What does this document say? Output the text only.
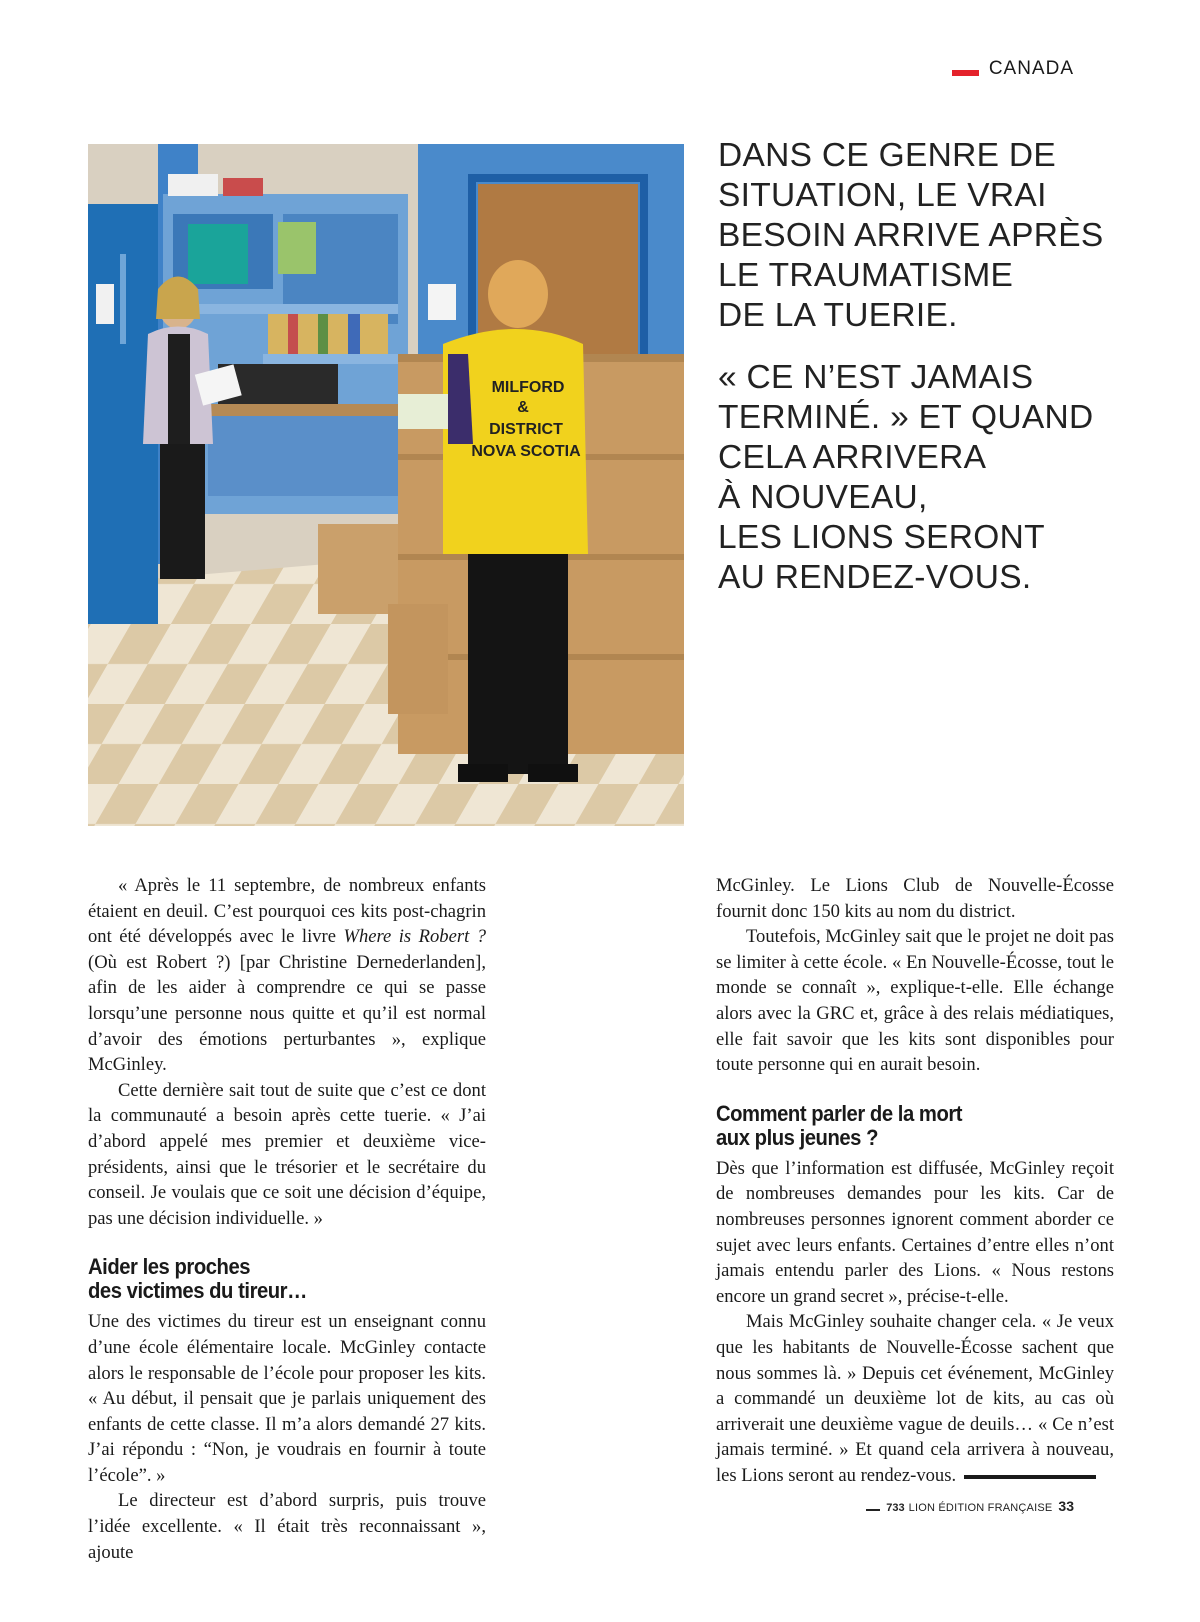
CANADA
MILFORD
&
DISTRICT
NOVA SCOTIA

DANS CE GENRE DE
SITUATION, LE VRAI
BESOIN ARRIVE APRÈS
LE TRAUMATISME
DE LA TUERIE.

« CE N’EST JAMAIS
TERMINÉ. » ET QUAND
CELA ARRIVERA
À NOUVEAU,
LES LIONS SERONT
AU RENDEZ-VOUS.

« Après le 11 septembre, de nombreux enfants étaient en deuil. C’est pourquoi ces kits post-chagrin ont été développés avec le livre Where is Robert ? (Où est Robert ?) [par Christine Dernederlanden], afin de les aider à comprendre ce qui se passe lorsqu’une personne nous quitte et qu’il est normal d’avoir des émotions perturbantes », explique McGinley.

Cette dernière sait tout de suite que c’est ce dont la communauté a besoin après cette tuerie. « J’ai d’abord appelé mes premier et deuxième vice-présidents, ainsi que le trésorier et le secrétaire du conseil. Je voulais que ce soit une décision d’équipe, pas une décision individuelle. »

Aider les proches
des victimes du tireur…

Une des victimes du tireur est un enseignant connu d’une école élémentaire locale. McGinley contacte alors le responsable de l’école pour proposer les kits. « Au début, il pensait que je parlais uniquement des enfants de cette classe. Il m’a alors demandé 27 kits. J’ai répondu : “Non, je voudrais en fournir à toute l’école”. »

Le directeur est d’abord surpris, puis trouve l’idée excellente. « Il était très reconnaissant », ajoute

McGinley. Le Lions Club de Nouvelle-Écosse fournit donc 150 kits au nom du district.

Toutefois, McGinley sait que le projet ne doit pas se limiter à cette école. « En Nouvelle-Écosse, tout le monde se connaît », explique-t-elle. Elle échange alors avec la GRC et, grâce à des relais médiatiques, elle fait savoir que les kits sont disponibles pour toute personne qui en aurait besoin.

Comment parler de la mort
aux plus jeunes ?

Dès que l’information est diffusée, McGinley reçoit de nombreuses demandes pour les kits. Car de nombreuses personnes ignorent comment aborder ce sujet avec leurs enfants. Certaines d’entre elles n’ont jamais entendu parler des Lions. « Nous restons encore un grand secret », précise-t-elle.

Mais McGinley souhaite changer cela. « Je veux que les habitants de Nouvelle-Écosse sachent que nous sommes là. » Depuis cet événement, McGinley a commandé un deuxième lot de kits, au cas où arriverait une deuxième vague de deuils… « Ce n’est jamais terminé. » Et quand cela arrivera à nouveau, les Lions seront au rendez-vous.

733 LION ÉDITION FRANÇAISE 33
